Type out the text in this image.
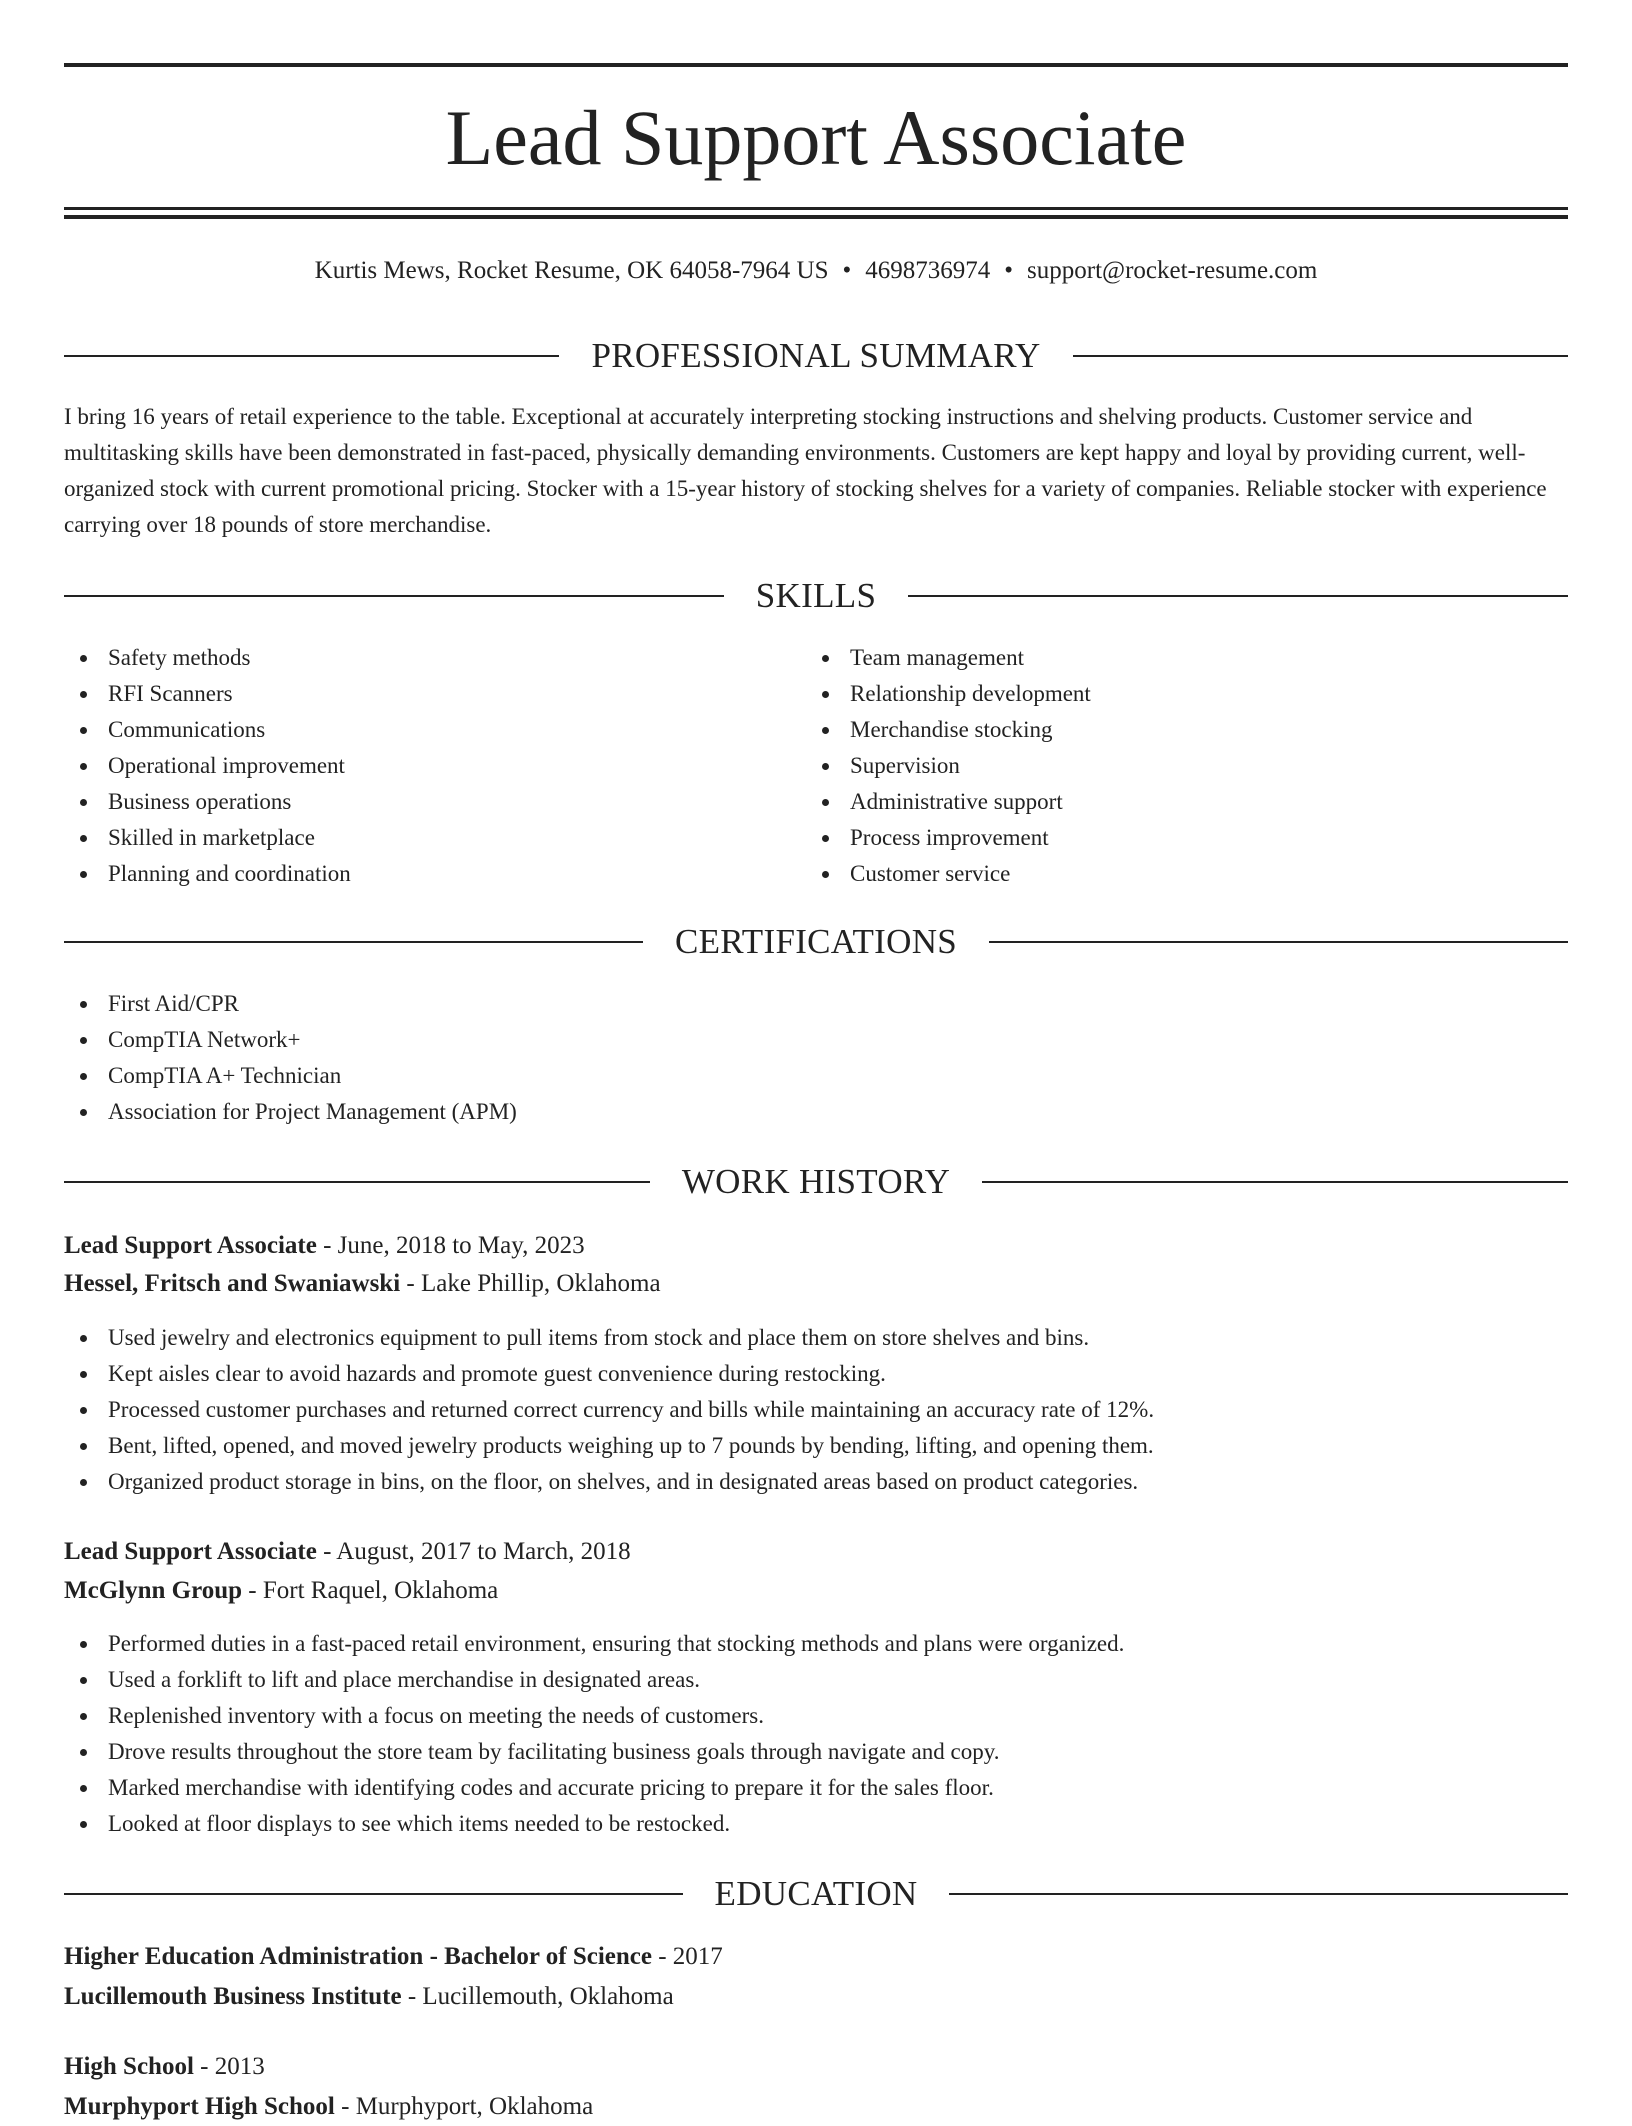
Lead Support Associate
Kurtis Mews, Rocket Resume, OK 64058-7964 US • 4698736974 • support@rocket-resume.com
PROFESSIONAL SUMMARY

I bring 16 years of retail experience to the table. Exceptional at accurately interpreting stocking instructions and shelving products. Customer service and multitasking skills have been demonstrated in fast-paced, physically demanding environments. Customers are kept happy and loyal by providing current, well-organized stock with current promotional pricing. Stocker with a 15-year history of stocking shelves for a variety of companies. Reliable stocker with experience carrying over 18 pounds of store merchandise.

SKILLS
Safety methods
RFI Scanners
Communications
Operational improvement
Business operations
Skilled in marketplace
Planning and coordination
Team management
Relationship development
Merchandise stocking
Supervision
Administrative support
Process improvement
Customer service
CERTIFICATIONS
First Aid/CPR
CompTIA Network+
CompTIA A+ Technician
Association for Project Management (APM)
WORK HISTORY
Lead Support Associate - June, 2018 to May, 2023
Hessel, Fritsch and Swaniawski - Lake Phillip, Oklahoma
Used jewelry and electronics equipment to pull items from stock and place them on store shelves and bins.
Kept aisles clear to avoid hazards and promote guest convenience during restocking.
Processed customer purchases and returned correct currency and bills while maintaining an accuracy rate of 12%.
Bent, lifted, opened, and moved jewelry products weighing up to 7 pounds by bending, lifting, and opening them.
Organized product storage in bins, on the floor, on shelves, and in designated areas based on product categories.
Lead Support Associate - August, 2017 to March, 2018
McGlynn Group - Fort Raquel, Oklahoma
Performed duties in a fast-paced retail environment, ensuring that stocking methods and plans were organized.
Used a forklift to lift and place merchandise in designated areas.
Replenished inventory with a focus on meeting the needs of customers.
Drove results throughout the store team by facilitating business goals through navigate and copy.
Marked merchandise with identifying codes and accurate pricing to prepare it for the sales floor.
Looked at floor displays to see which items needed to be restocked.
EDUCATION
Higher Education Administration - Bachelor of Science - 2017
Lucillemouth Business Institute - Lucillemouth, Oklahoma
High School - 2013
Murphyport High School - Murphyport, Oklahoma
